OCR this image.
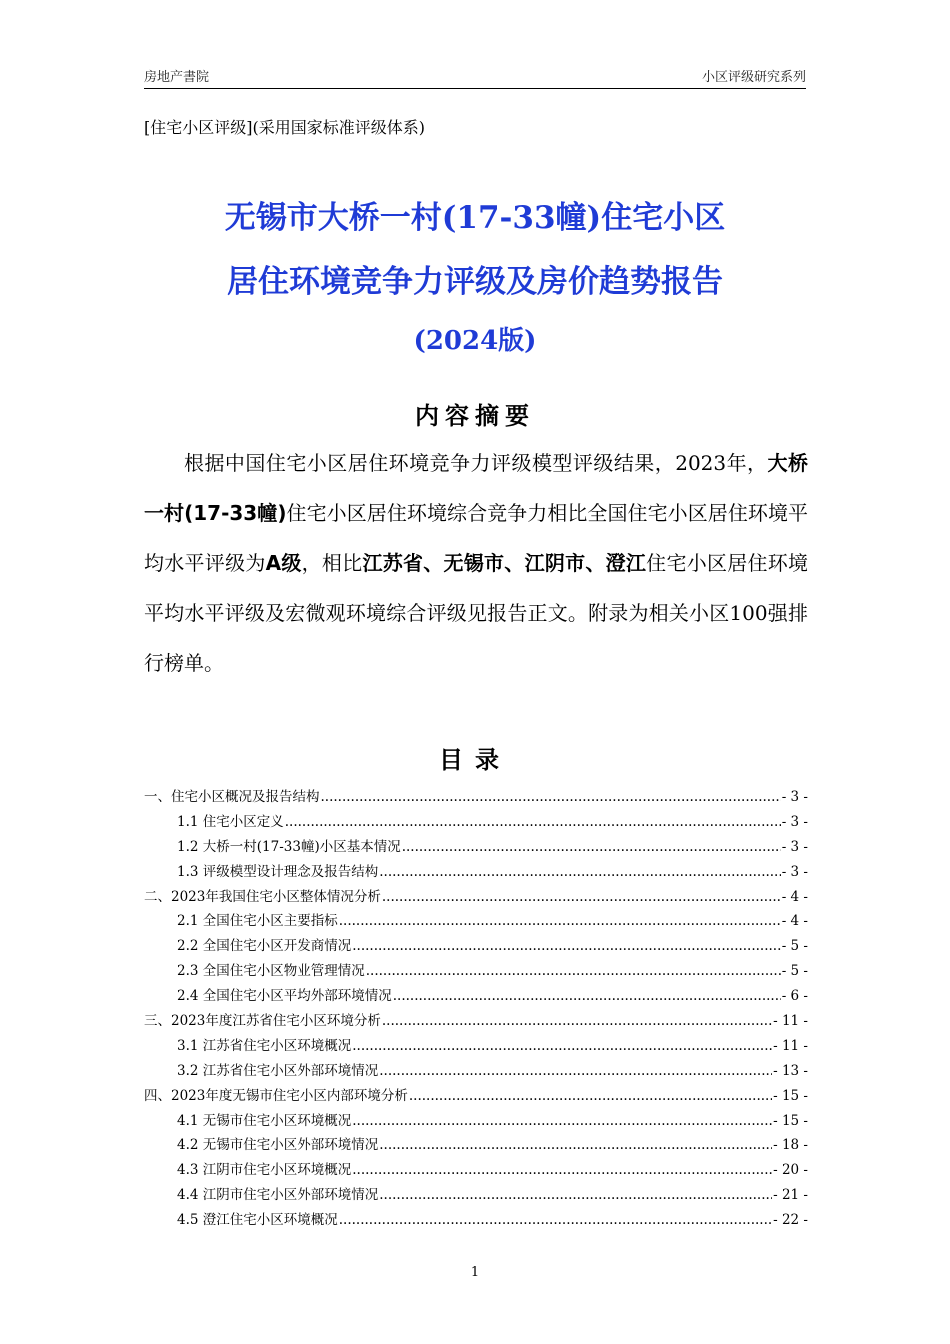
房地产書院	小区评级研究系列
[住宅小区评级](采用国家标准评级体系)
无锡市大桥一村(17-33幢)住宅小区
居住环境竞争力评级及房价趋势报告
(2024版)
内容摘要

根据中国住宅小区居住环境竞争力评级模型评级结果，2023年，大桥一村(17-33幢)住宅小区居住环境综合竞争力相比全国住宅小区居住环境平均水平评级为A级，相比江苏省、无锡市、江阴市、澄江住宅小区居住环境平均水平评级及宏微观环境综合评级见报告正文。附录为相关小区100强排行榜单。

目录
一、住宅小区概况及报告结构 .....	- 3 -
1.1 住宅小区定义 .....	- 3 -
1.2 大桥一村(17-33幢)小区基本情况 .....	- 3 -
1.3 评级模型设计理念及报告结构 .....	- 3 -
二、2023年我国住宅小区整体情况分析 .....	- 4 -
2.1 全国住宅小区主要指标 .....	- 4 -
2.2 全国住宅小区开发商情况 .....	- 5 -
2.3 全国住宅小区物业管理情况 .....	- 5 -
2.4 全国住宅小区平均外部环境情况 .....	- 6 -
三、2023年度江苏省住宅小区环境分析 .....	- 11 -
3.1 江苏省住宅小区环境概况 .....	- 11 -
3.2 江苏省住宅小区外部环境情况 .....	- 13 -
四、2023年度无锡市住宅小区内部环境分析 .....	- 15 -
4.1 无锡市住宅小区环境概况 .....	- 15 -
4.2 无锡市住宅小区外部环境情况 .....	- 18 -
4.3 江阴市住宅小区环境概况 .....	- 20 -
4.4 江阴市住宅小区外部环境情况 .....	- 21 -
4.5 澄江住宅小区环境概况 .....	- 22 -
1
